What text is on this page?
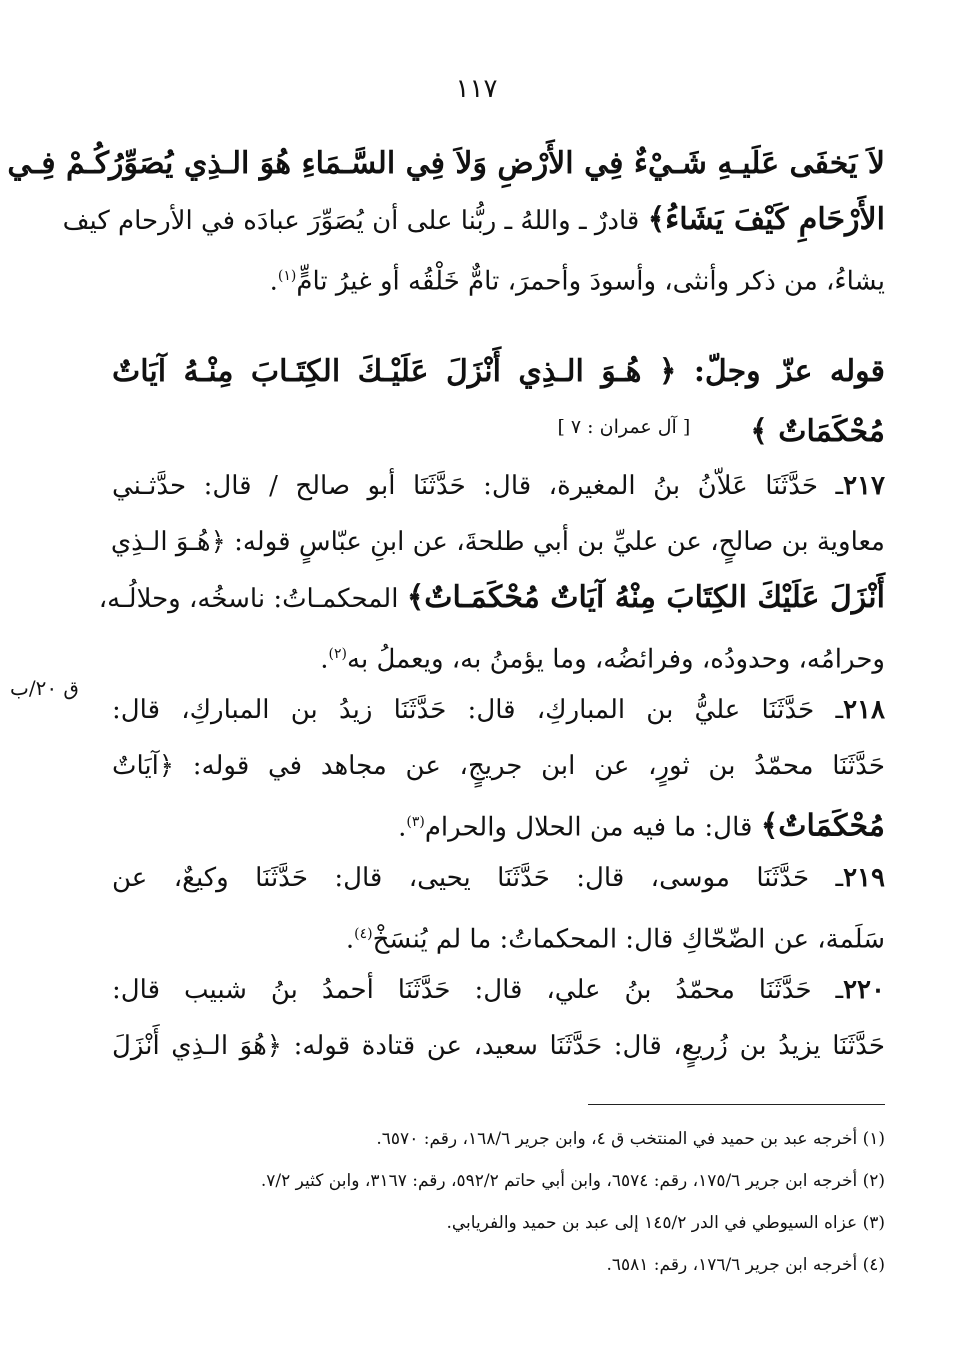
١١٧
ق ٢٠/ب
لاَ يَخفَى عَلَيـهِ شَـيْءٌ فِي الأَرْضِ وَلاَ فِي السَّـمَاءِ هُوَ الـذِي يُصَوِّرُكُـمْ فِـي
الأَرْحَامِ كَيْفَ يَشَاءُ﴾ قادرٌ ـ واللهُ ـ ربُّنا على أن يُصَوِّرَ عبادَه في الأرحام كيف
يشاءُ، من ذكر وأنثى، وأسودَ وأحمرَ، تامٌّ خَلْقُه أو غيرُ تامٍّ$^{(١)}$.
قوله عزّ وجلّ: ﴿ هُـوَ الـذِي أَنْزَلَ عَلَيْـكَ الكِتَـابَ مِنْـهُ آيَاتٌ
مُحْكَمَاتٌ ﴾[ آل عمران : ٧ ]
٢١٧ـ حَدَّثَنَا عَلاّنُ بنُ المغيرة، قال: حَدَّثَنَا أبو صالح / قال: حدَّثـني
معاوية بن صالحٍ، عن عليِّ بن أبي طلحةَ، عن ابنِ عبّاسٍ قوله: ﴿هُـوَ الـذِي
أَنْزَلَ عَلَيْكَ الكِتَابَ مِنْهُ آيَاتٌ مُحْكَمَـاتٌ﴾ المحكمـاتُ: ناسخُه، وحلالُـه،
وحرامُه، وحدودُه، وفرائضُه، وما يؤمنُ به، ويعملُ به$^{(٢)}$.
٢١٨ـ حَدَّثَنَا عليُّ بن المباركِ، قال: حَدَّثَنَا زيدُ بن المباركِ، قال:
حَدَّثَنَا محمّدُ بن ثورٍ، عن ابن جريجٍ، عن مجاهد في قوله: ﴿آيَاتٌ
مُحْكَمَاتٌ﴾ قال: ما فيه من الحلال والحرام$^{(٣)}$.
٢١٩ـ حَدَّثَنَا موسى، قال: حَدَّثَنَا يحيى، قال: حَدَّثَنَا وكيعٌ، عن
سَلَمة، عن الضّحّاكِ قال: المحكماتُ: ما لم يُنسَخْ$^{(٤)}$.
٢٢٠ـ حَدَّثَنَا محمّدُ بنُ علي، قال: حَدَّثَنَا أحمدُ بنُ شبيب قال:
حَدَّثَنَا يزيدُ بن زُريعٍ، قال: حَدَّثَنَا سعيد، عن قتادة قوله: ﴿هُوَ الـذِي أَنْزَلَ
(١) أخرجه عبد بن حميد في المنتخب ق ٤، وابن جرير ١٦٨/٦، رقم: ٦٥٧٠.
(٢) أخرجه ابن جرير ١٧٥/٦، رقم: ٦٥٧٤، وابن أبي حاتم ٥٩٢/٢، رقم: ٣١٦٧، وابن كثير ٧/٢.
(٣) عزاه السيوطي في الدر ١٤٥/٢ إلى عبد بن حميد والفريابي.
(٤) أخرجه ابن جرير ١٧٦/٦، رقم: ٦٥٨١.
